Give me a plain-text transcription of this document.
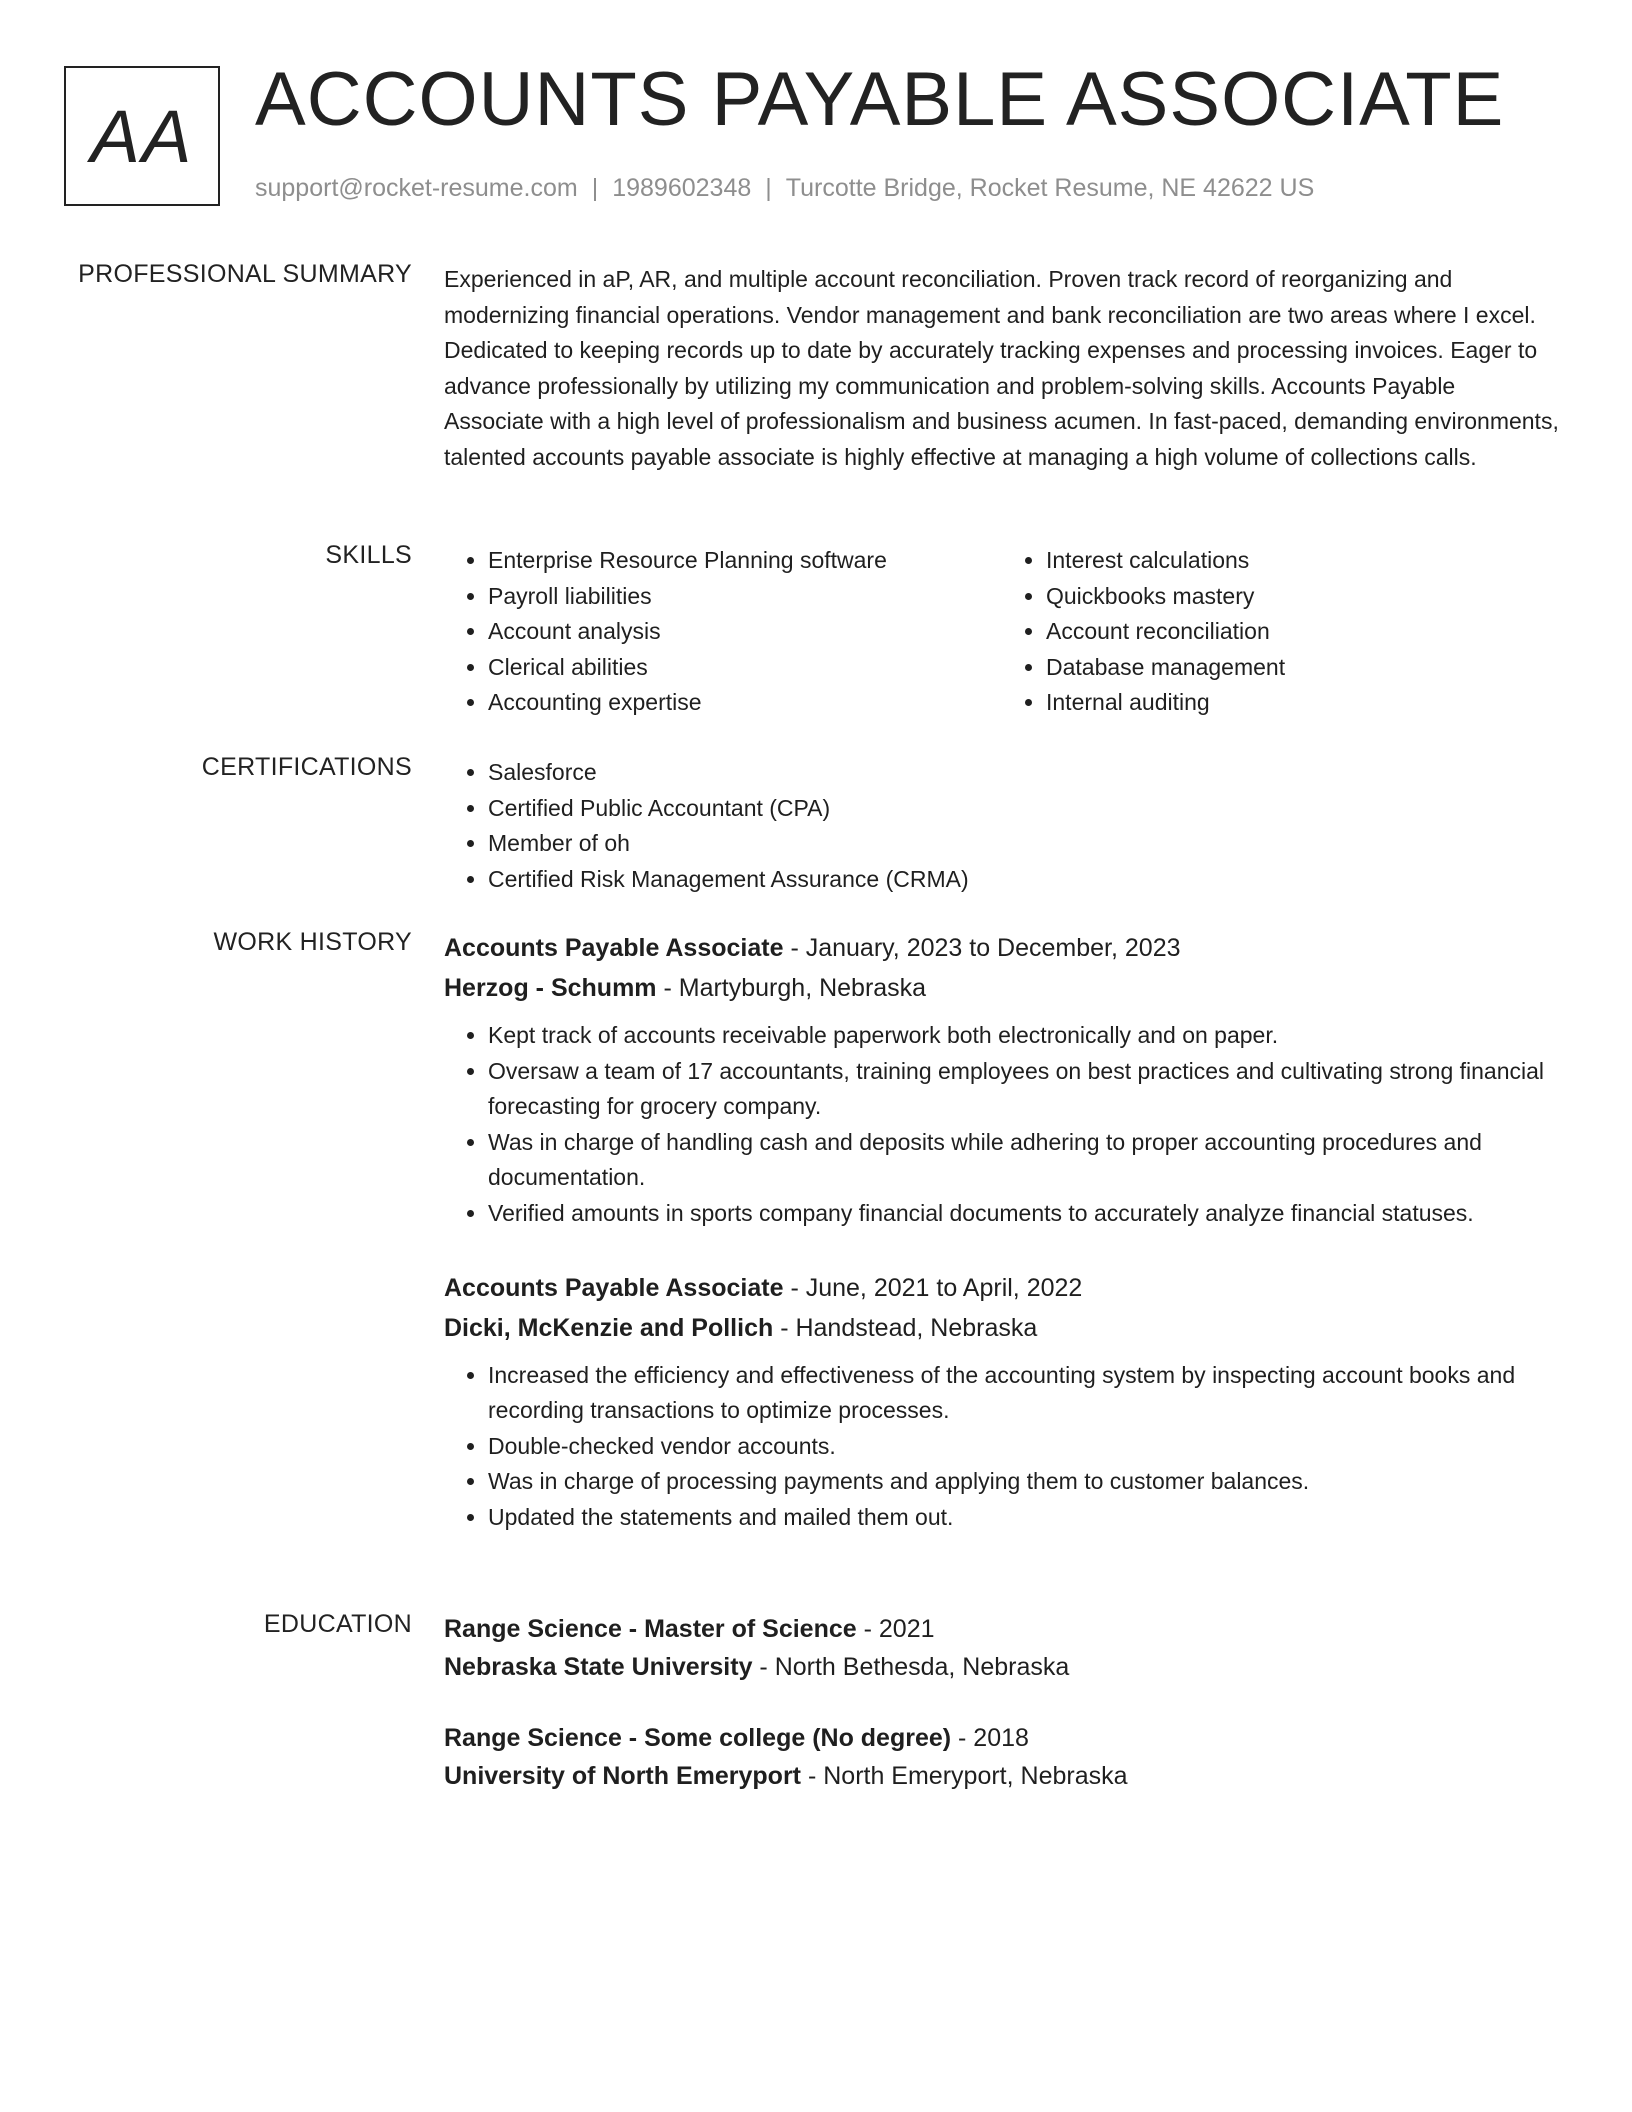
AA ACCOUNTS PAYABLE ASSOCIATE
support@rocket-resume.com | 1989602348 | Turcotte Bridge, Rocket Resume, NE 42622 US
PROFESSIONAL SUMMARY Experienced in aP, AR, and multiple account reconciliation. Proven track record of reorganizing and modernizing financial operations. Vendor management and bank reconciliation are two areas where I excel. Dedicated to keeping records up to date by accurately tracking expenses and processing invoices. Eager to advance professionally by utilizing my communication and problem-solving skills. Accounts Payable Associate with a high level of professionalism and business acumen. In fast-paced, demanding environments, talented accounts payable associate is highly effective at managing a high volume of collections calls.

SKILLS	• Enterprise Resource Planning software
• Payroll liabilities
• Account analysis
• Clerical abilities
• Accounting expertise
• Interest calculations
• Quickbooks mastery
• Account reconciliation
• Database management
• Internal auditing
CERTIFICATIONS	• Salesforce
• Certified Public Accountant (CPA)
• Member of oh
• Certified Risk Management Assurance (CRMA)
WORK HISTORY Accounts Payable Associate - January, 2023 to December, 2023
Herzog - Schumm - Martyburgh, Nebraska
• Kept track of accounts receivable paperwork both electronically and on paper.
• Oversaw a team of 17 accountants, training employees on best practices and cultivating strong financial forecasting for grocery company.
• Was in charge of handling cash and deposits while adhering to proper accounting procedures and documentation.
• Verified amounts in sports company financial documents to accurately analyze financial statuses.
Accounts Payable Associate - June, 2021 to April, 2022
Dicki, McKenzie and Pollich - Handstead, Nebraska
• Increased the efficiency and effectiveness of the accounting system by inspecting account books and recording transactions to optimize processes.
• Double-checked vendor accounts.
• Was in charge of processing payments and applying them to customer balances.
• Updated the statements and mailed them out.
EDUCATION Range Science - Master of Science - 2021
Nebraska State University - North Bethesda, Nebraska
Range Science - Some college (No degree) - 2018
University of North Emeryport - North Emeryport, Nebraska
